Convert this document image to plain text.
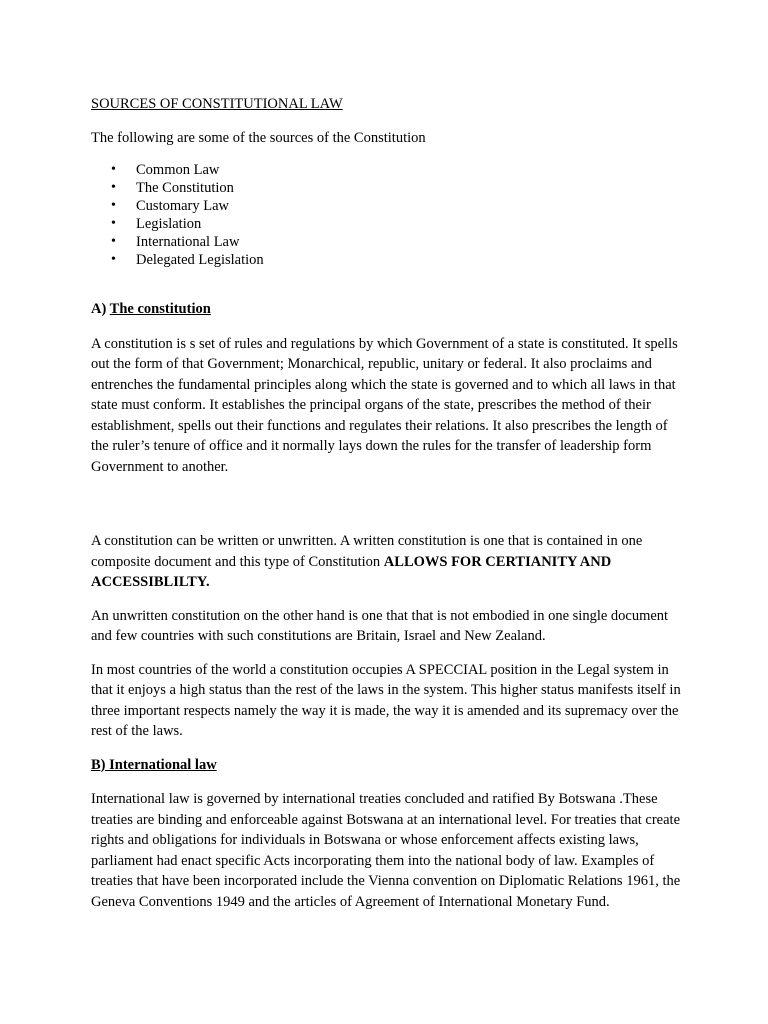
SOURCES OF CONSTITUTIONAL LAW

The following are some of the sources of the Constitution

• Common Law
• The Constitution
• Customary Law
• Legislation
• International Law
• Delegated Legislation

A) The constitution

A constitution is s set of rules and regulations by which Government of a state is constituted. It spells out the form of that Government; Monarchical, republic, unitary or federal. It also proclaims and entrenches the fundamental principles along which the state is governed and to which all laws in that state must conform. It establishes the principal organs of the state, prescribes the method of their establishment, spells out their functions and regulates their relations. It also prescribes the length of the ruler’s tenure of office and it normally lays down the rules for the transfer of leadership form Government to another.

A constitution can be written or unwritten. A written constitution is one that is contained in one composite document and this type of Constitution ALLOWS FOR CERTIANITY AND ACCESSIBLILTY.

An unwritten constitution on the other hand is one that that is not embodied in one single document and few countries with such constitutions are Britain, Israel and New Zealand.

In most countries of the world a constitution occupies A SPECCIAL position in the Legal system in that it enjoys a high status than the rest of the laws in the system. This higher status manifests itself in three important respects namely the way it is made, the way it is amended and its supremacy over the rest of the laws.

B) International law

International law is governed by international treaties concluded and ratified By Botswana .These treaties are binding and enforceable against Botswana at an international level. For treaties that create rights and obligations for individuals in Botswana or whose enforcement affects existing laws, parliament had enact specific Acts incorporating them into the national body of law. Examples of treaties that have been incorporated include the Vienna convention on Diplomatic Relations 1961, the Geneva Conventions 1949 and the articles of Agreement of International Monetary Fund.
